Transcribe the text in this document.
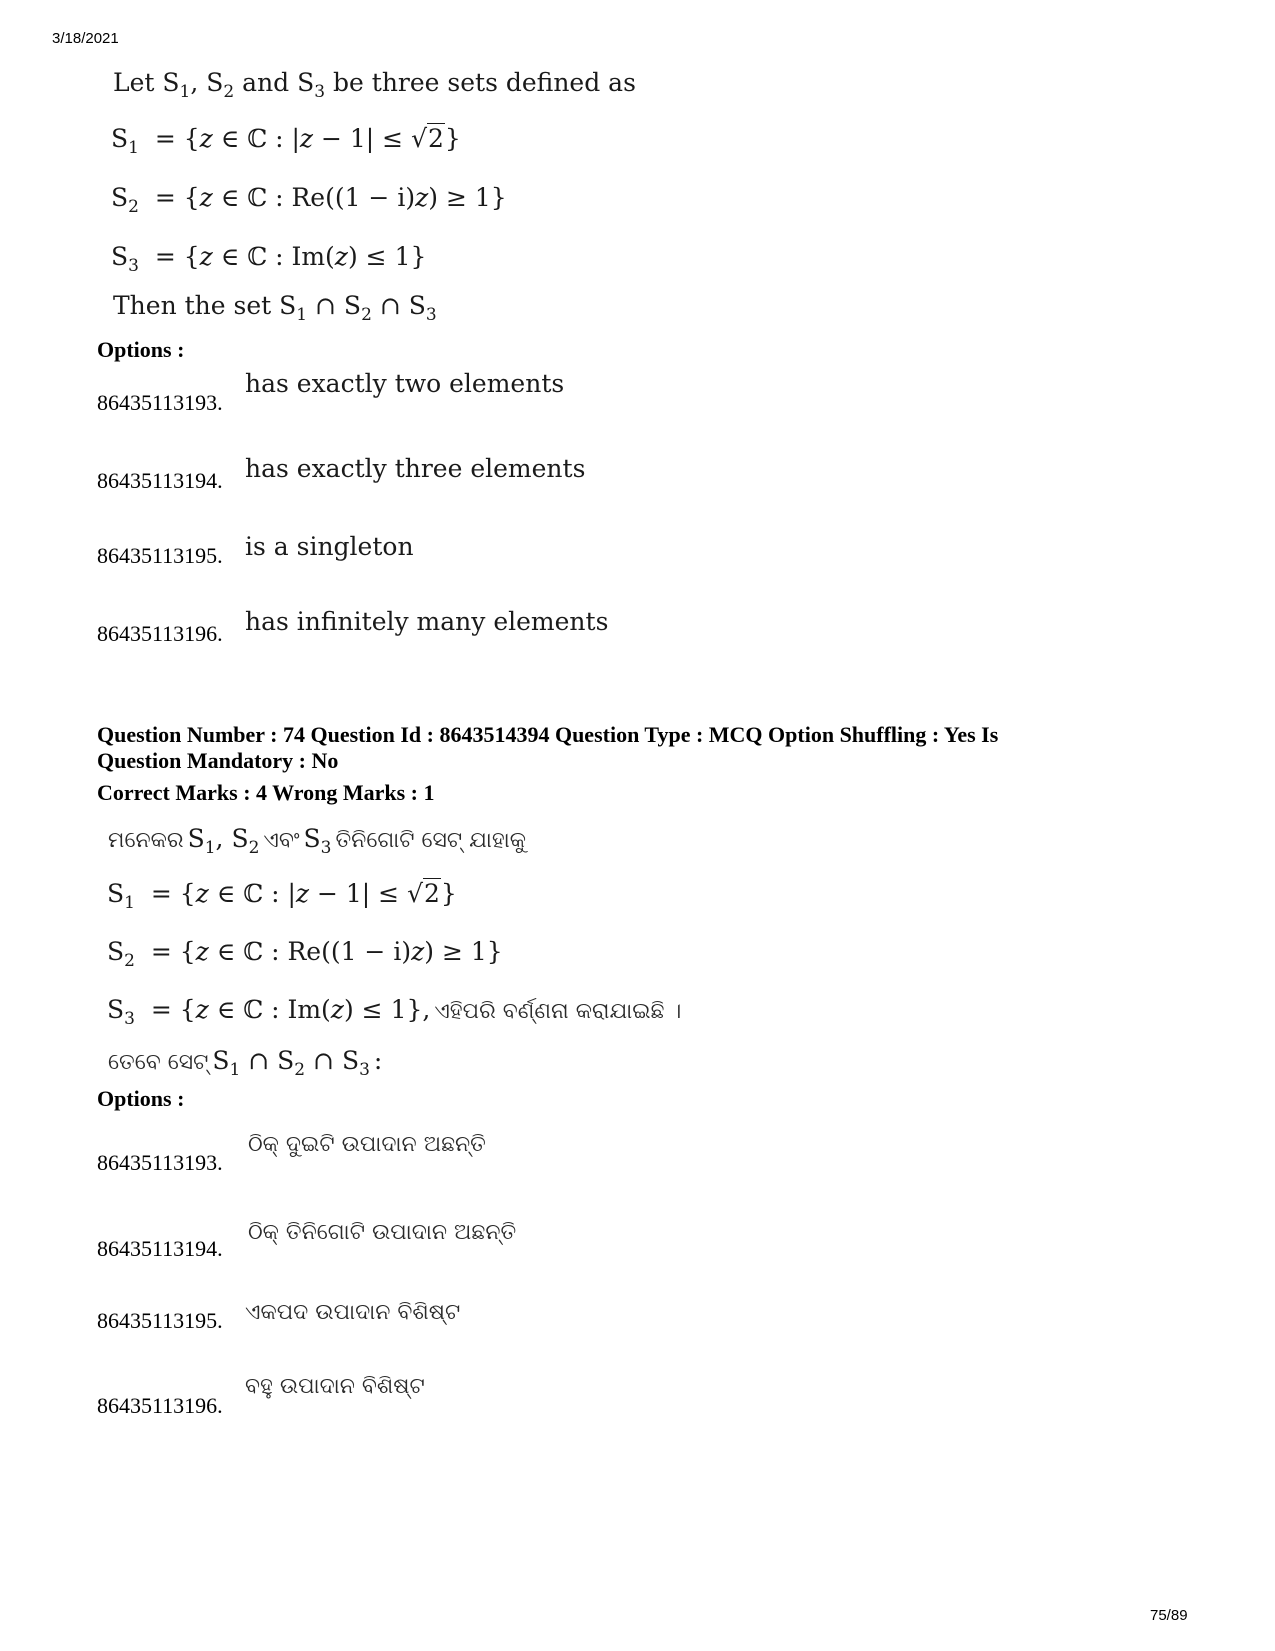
3/18/2021
Let $S_1$, $S_2$ and $S_3$ be three sets defined as
$S_1 = \{z$ ∈ ℂ : |z − 1| ≤ √2}
$S_2 = \{z$ ∈ ℂ : Re((1 − i)z) ≥ 1}
$S_3 = \{z$ ∈ ℂ : Im(z) ≤ 1}
Then the set $S_1$ ∩ $S_2$ ∩ $S_3$
Options :
86435113193.
has exactly two elements
86435113194. has exactly three elements
86435113195. is a singleton
86435113196. has infinitely many elements
Question Number : 74 Question Id : 8643514394 Question Type : MCQ Option Shuffling : Yes Is
Question Mandatory : No
Correct Marks : 4 Wrong Marks : 1
ମନେକର $S_1$, $S_2$ ଏବଂ $S_3$ ତିନିଗୋଟି ସେଟ୍ ଯାହାକୁ
$S_1 = \{z$ ∈ ℂ : |z − 1| ≤ √2}
$S_2 = \{z$ ∈ ℂ : Re((1 − i)z) ≥ 1}
$S_3 = \{z$ ∈ ℂ : Im(z) ≤ 1}, ଏହିପରି ବର୍ଣ୍ଣନା କରାଯାଇଛି ।
ତେବେ ସେଟ୍ $S_1$ ∩ $S_2$ ∩ $S_3$ :
Options :
86435113193.
ଠିକ୍ ଦୁଇଟି ଉପାଦାନ ଅଛନ୍ତି
86435113194.
ଠିକ୍ ତିନିଗୋଟି ଉପାଦାନ ଅଛନ୍ତି
86435113195. ଏକପଦ ଉପାଦାନ ବିଶିଷ୍ଟ
86435113196.
ବହୁ ଉପାଦାନ ବିଶିଷ୍ଟ
75/89
